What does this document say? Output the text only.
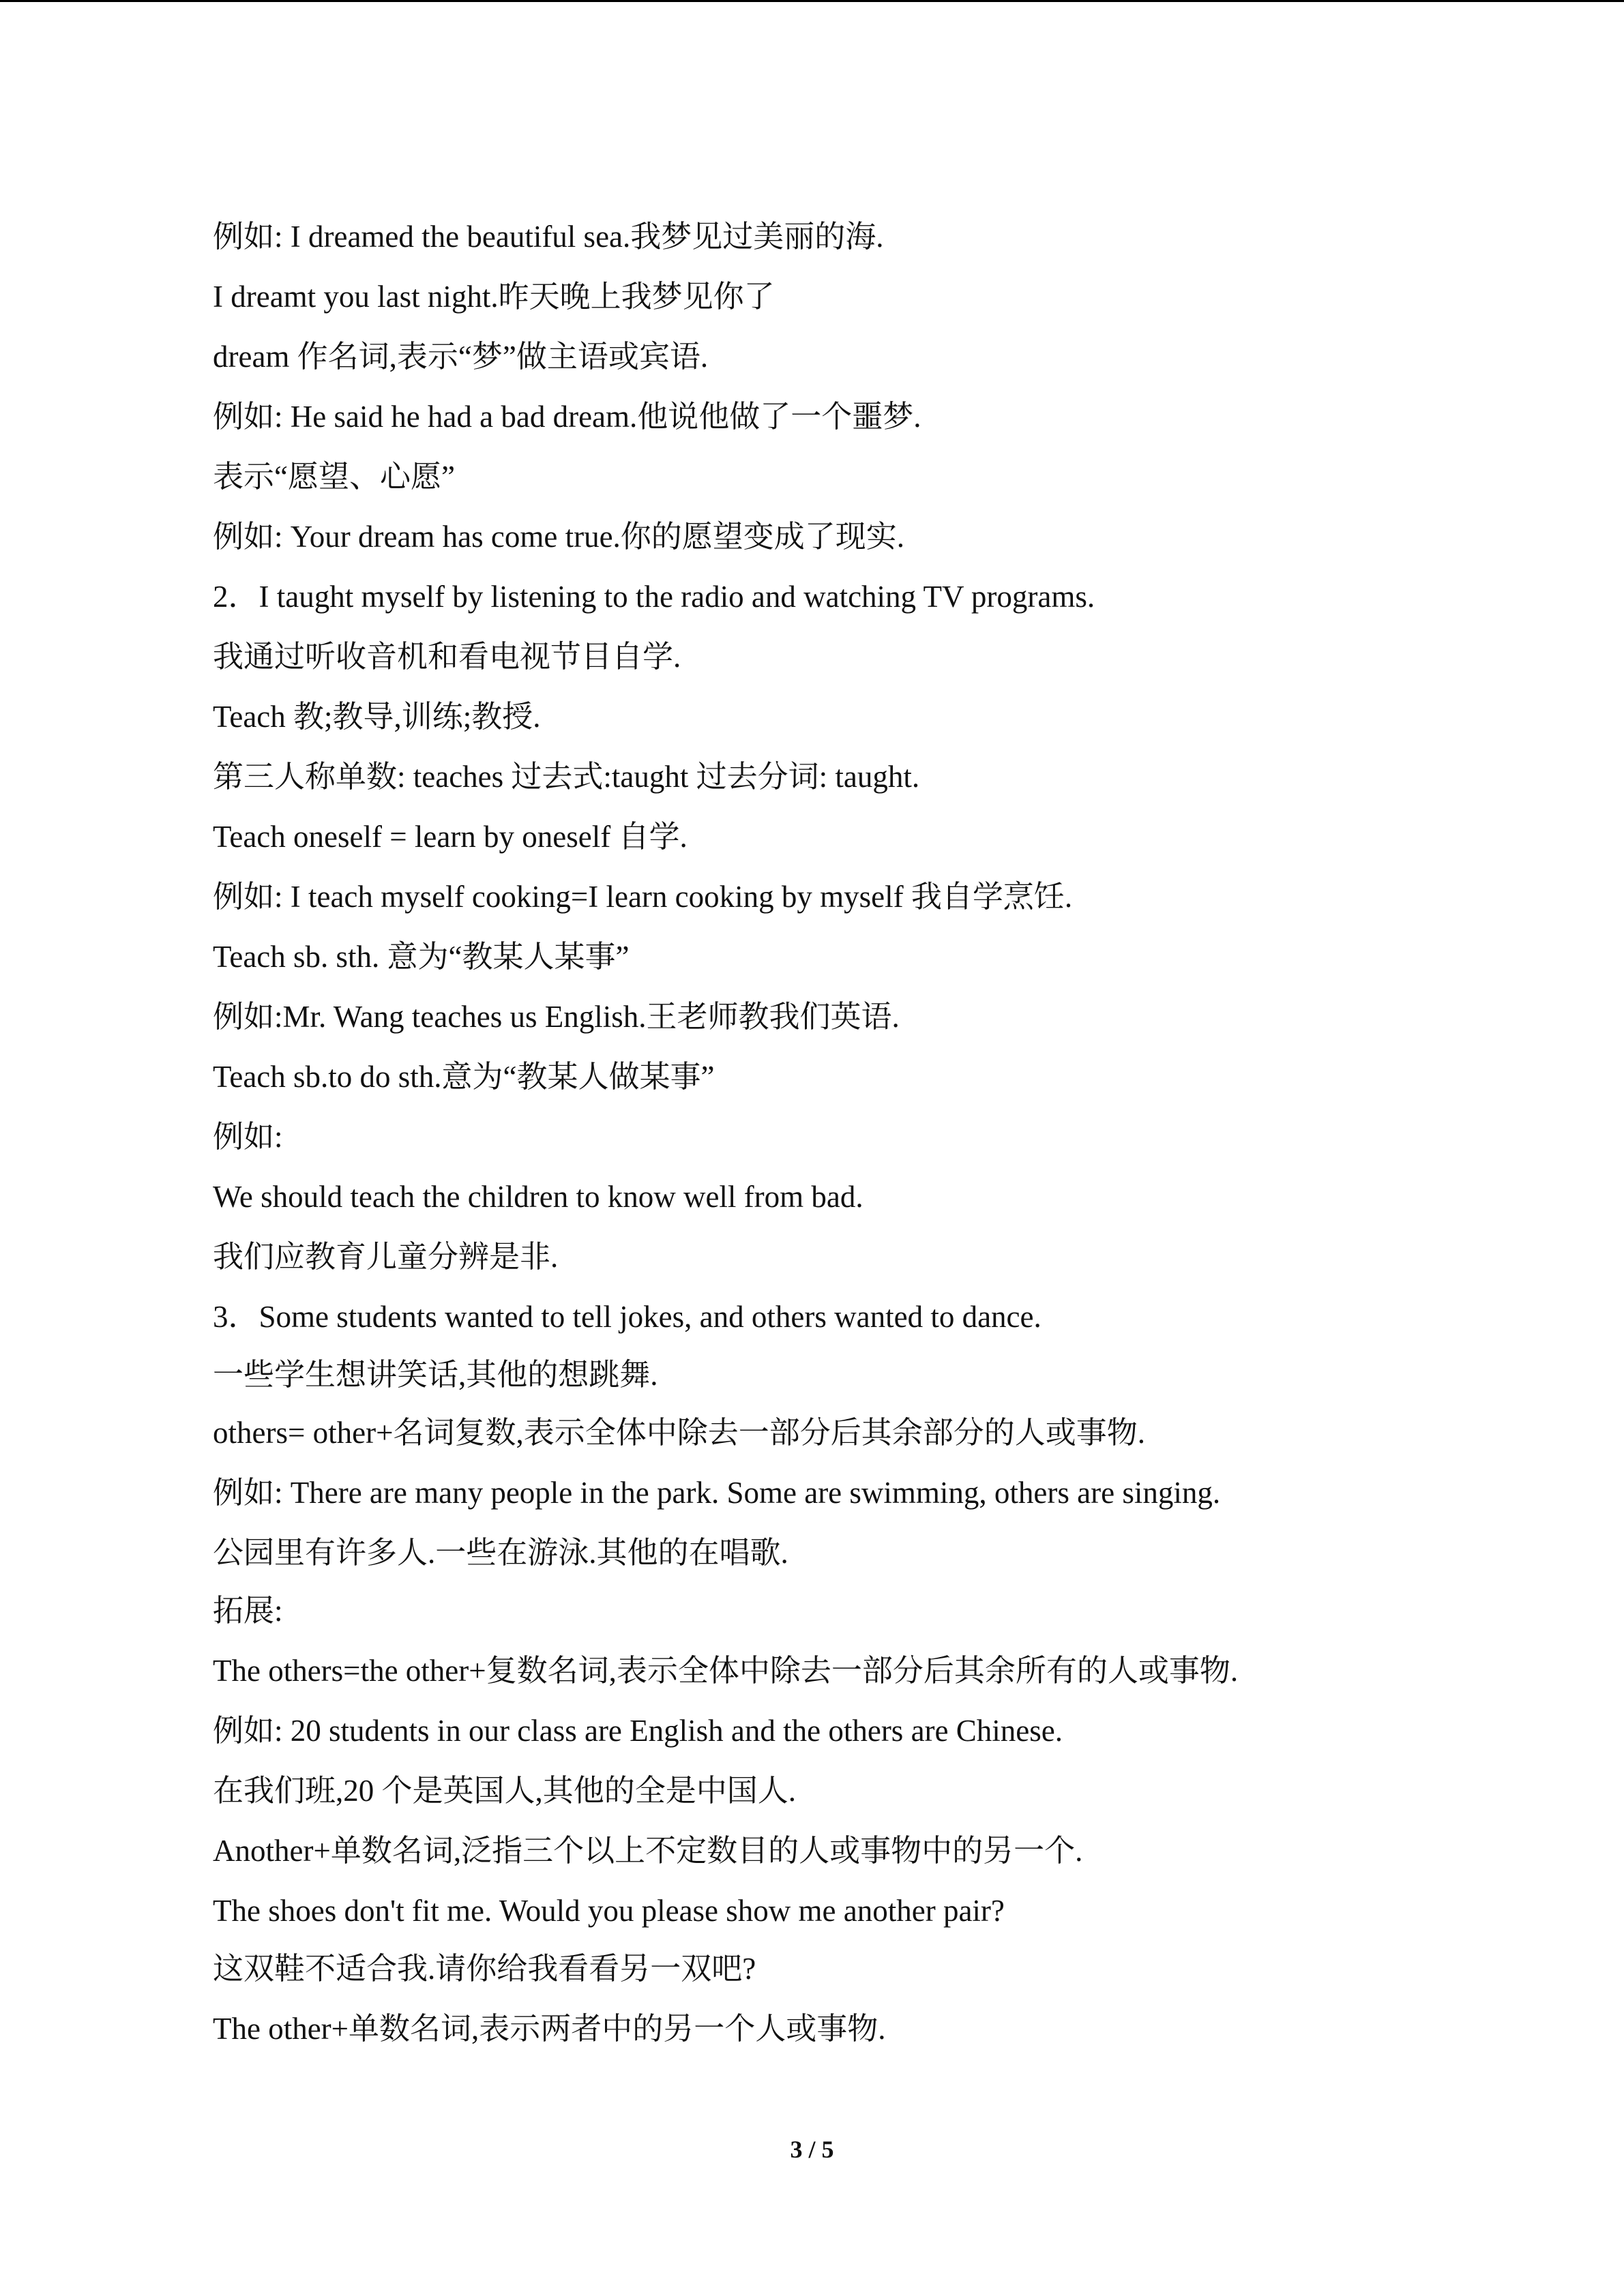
例如: I dreamed the beautiful sea.我梦见过美丽的海.
I dreamt you last night.昨天晚上我梦见你了
dream 作名词,表示“梦”做主语或宾语.
例如: He said he had a bad dream.他说他做了一个噩梦.
表示“愿望、心愿”
例如: Your dream has come true.你的愿望变成了现实.
2．I taught myself by listening to the radio and watching TV programs.
我通过听收音机和看电视节目自学.
Teach 教;教导,训练;教授.
第三人称单数: teaches 过去式:taught 过去分词: taught.
Teach oneself = learn by oneself 自学.
例如: I teach myself cooking=I learn cooking by myself 我自学烹饪.
Teach sb. sth. 意为“教某人某事”
例如:Mr. Wang teaches us English.王老师教我们英语.
Teach sb.to do sth.意为“教某人做某事”
例如:
We should teach the children to know well from bad.
我们应教育儿童分辨是非.
3．Some students wanted to tell jokes, and others wanted to dance.
一些学生想讲笑话,其他的想跳舞.
others= other+名词复数,表示全体中除去一部分后其余部分的人或事物.
例如: There are many people in the park. Some are swimming, others are singing.
公园里有许多人.一些在游泳.其他的在唱歌.
拓展:
The others=the other+复数名词,表示全体中除去一部分后其余所有的人或事物.
例如: 20 students in our class are English and the others are Chinese.
在我们班,20 个是英国人,其他的全是中国人.
Another+单数名词,泛指三个以上不定数目的人或事物中的另一个.
The shoes don't fit me. Would you please show me another pair?
这双鞋不适合我.请你给我看看另一双吧?
The other+单数名词,表示两者中的另一个人或事物.
3 / 5
